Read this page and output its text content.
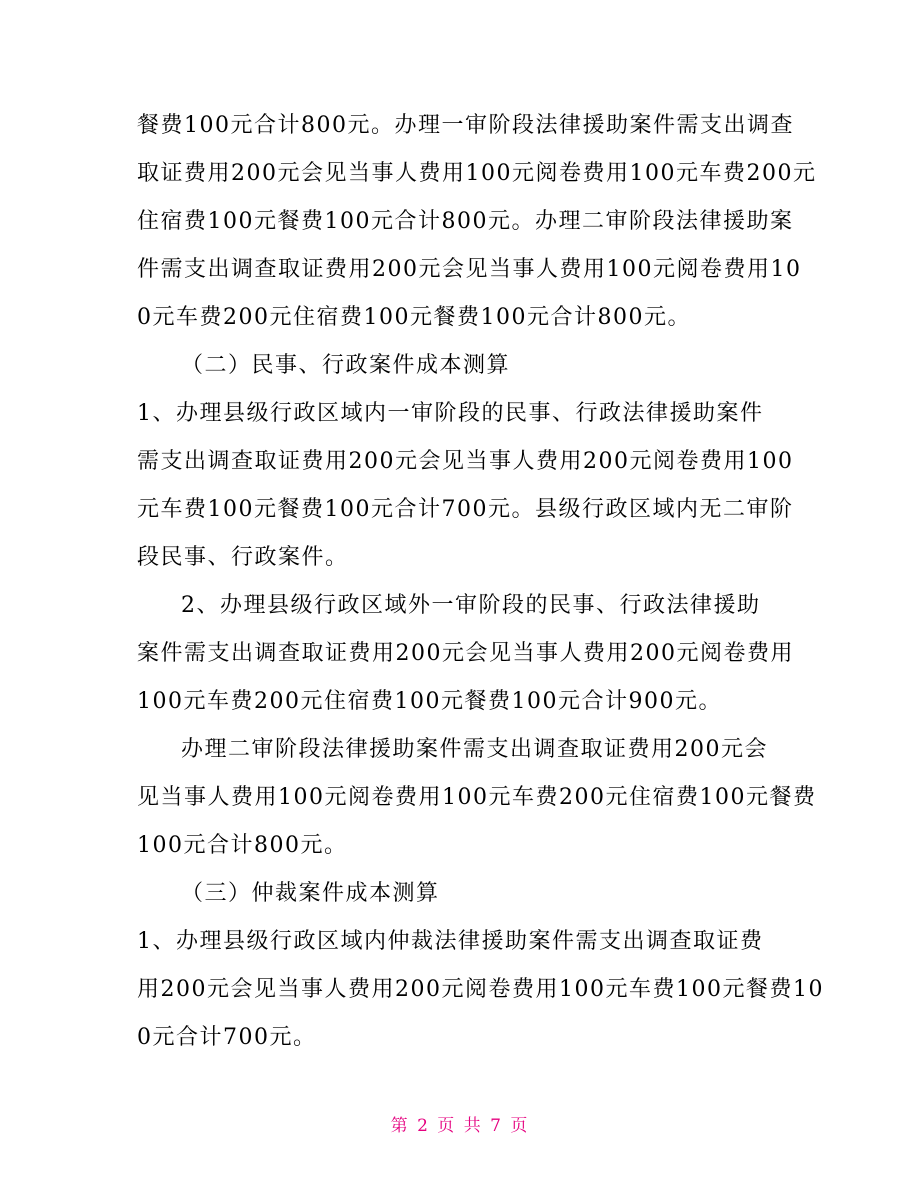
餐费100元合计800元。办理一审阶段法律援助案件需支出调查
取证费用200元会见当事人费用100元阅卷费用100元车费200元
住宿费100元餐费100元合计800元。办理二审阶段法律援助案
件需支出调查取证费用200元会见当事人费用100元阅卷费用10
0元车费200元住宿费100元餐费100元合计800元。
（二）民事、行政案件成本测算
1、办理县级行政区域内一审阶段的民事、行政法律援助案件
需支出调查取证费用200元会见当事人费用200元阅卷费用100
元车费100元餐费100元合计700元。县级行政区域内无二审阶
段民事、行政案件。
2、办理县级行政区域外一审阶段的民事、行政法律援助
案件需支出调查取证费用200元会见当事人费用200元阅卷费用
100元车费200元住宿费100元餐费100元合计900元。
办理二审阶段法律援助案件需支出调查取证费用200元会
见当事人费用100元阅卷费用100元车费200元住宿费100元餐费
100元合计800元。
（三）仲裁案件成本测算
1、办理县级行政区域内仲裁法律援助案件需支出调查取证费
用200元会见当事人费用200元阅卷费用100元车费100元餐费10
0元合计700元。
第 2 页 共 7 页
